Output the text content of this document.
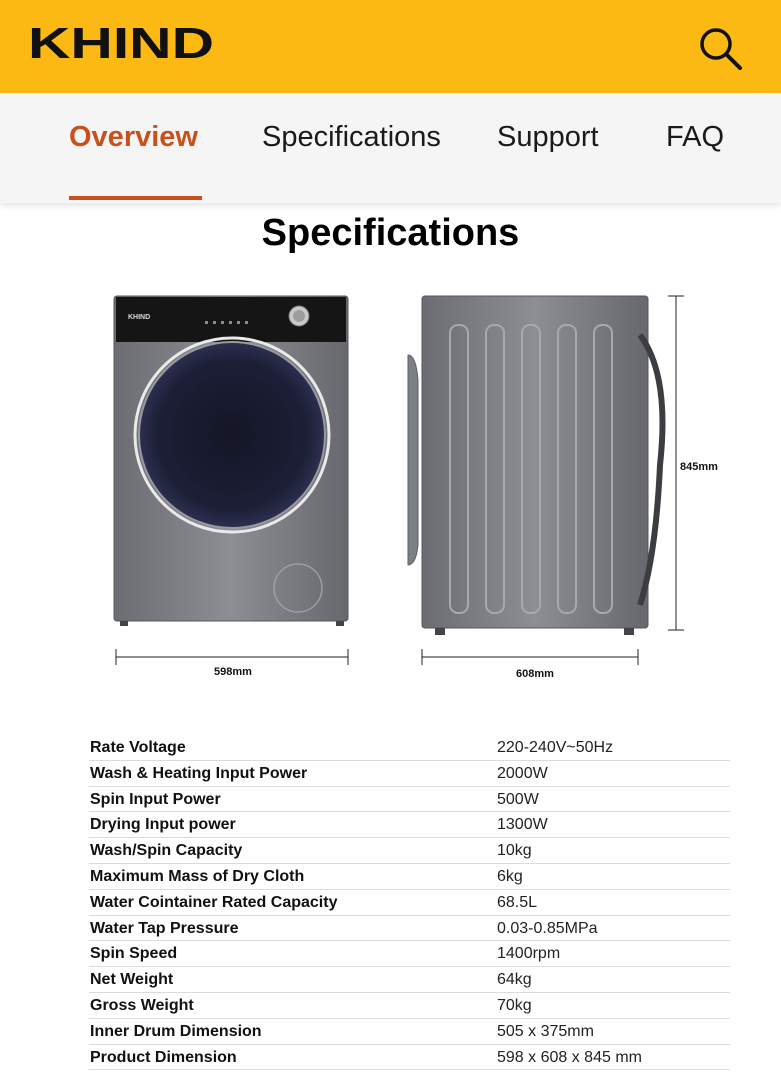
KHIND
Overview Specifications Support FAQ
Specifications
KHIND
598mm	608mm
845mm
Rate Voltage	220-240V~50Hz
Wash & Heating Input Power	2000W
Spin Input Power	500W
Drying Input power	1300W
Wash/Spin Capacity	10kg
Maximum Mass of Dry Cloth	6kg
Water Cointainer Rated Capacity	68.5L
Water Tap Pressure	0.03-0.85MPa
Spin Speed	1400rpm
Net Weight	64kg
Gross Weight	70kg
Inner Drum Dimension	505 x 375mm
Product Dimension	598 x 608 x 845 mm
